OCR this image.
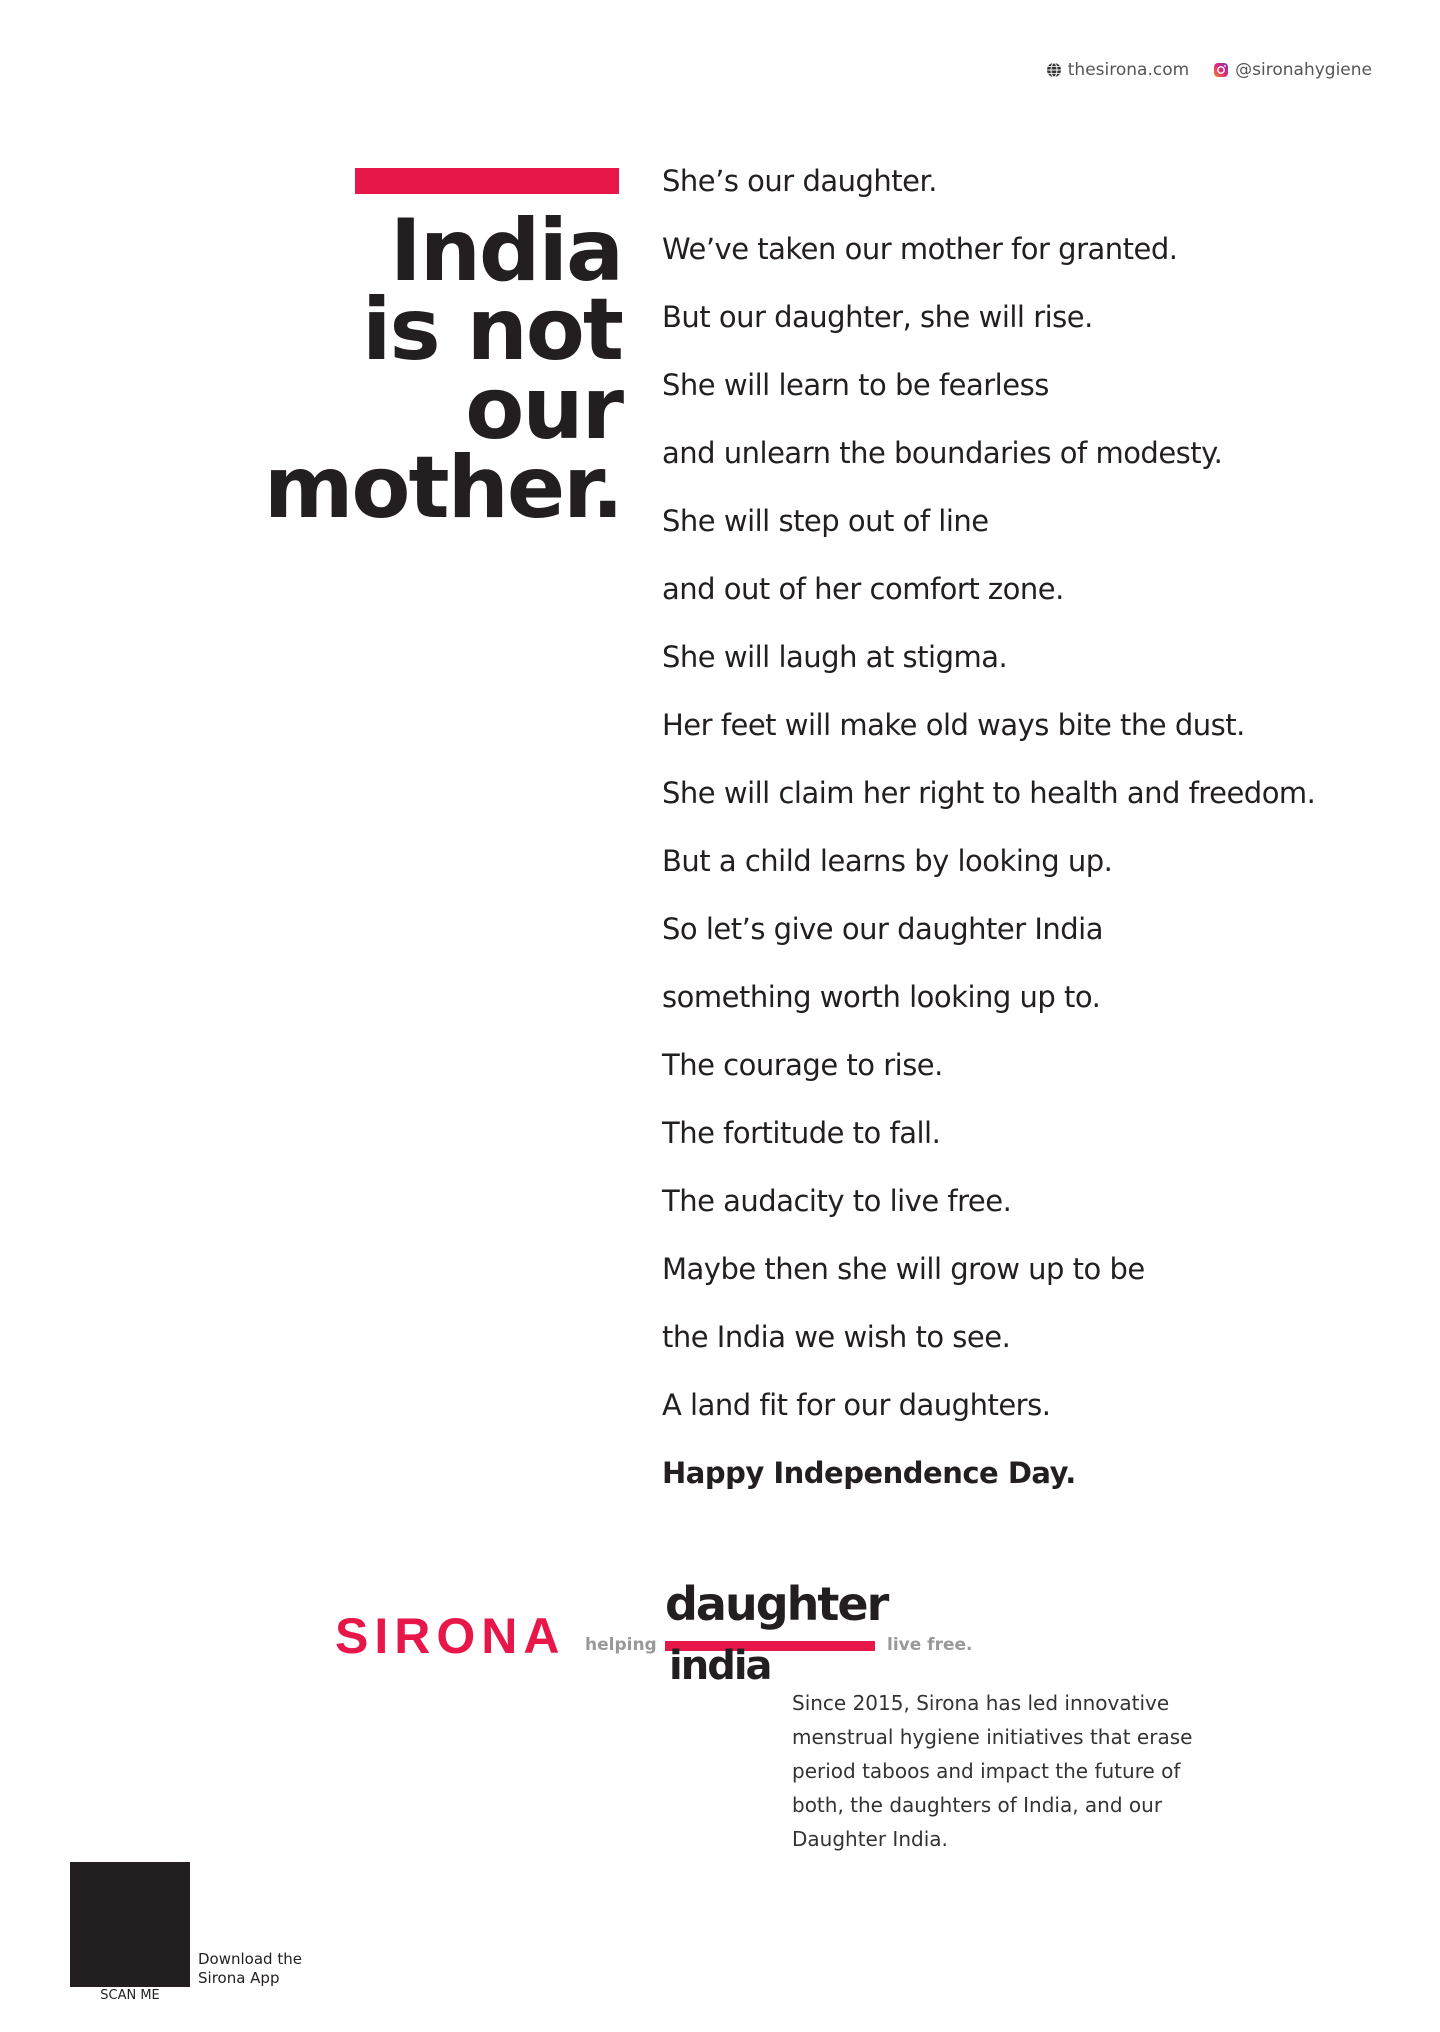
thesirona.com	@sironahygiene
India
is not
our
mother.
She’s our daughter.
We’ve taken our mother for granted.
But our daughter, she will rise.
She will learn to be fearless
and unlearn the boundaries of modesty.
She will step out of line
and out of her comfort zone.
She will laugh at stigma.
Her feet will make old ways bite the dust.
She will claim her right to health and freedom.
But a child learns by looking up.
So let’s give our daughter India
something worth looking up to.
The courage to rise.
The fortitude to fall.
The audacity to live free.
Maybe then she will grow up to be
the India we wish to see.
A land fit for our daughters.
Happy Independence Day.
SIRONA helping
daughter
india	live free.
Since 2015, Sirona has led innovative
menstrual hygiene initiatives that erase
period taboos and impact the future of
both, the daughters of India, and our
Daughter India.
SCAN ME
Download the
Sirona App
